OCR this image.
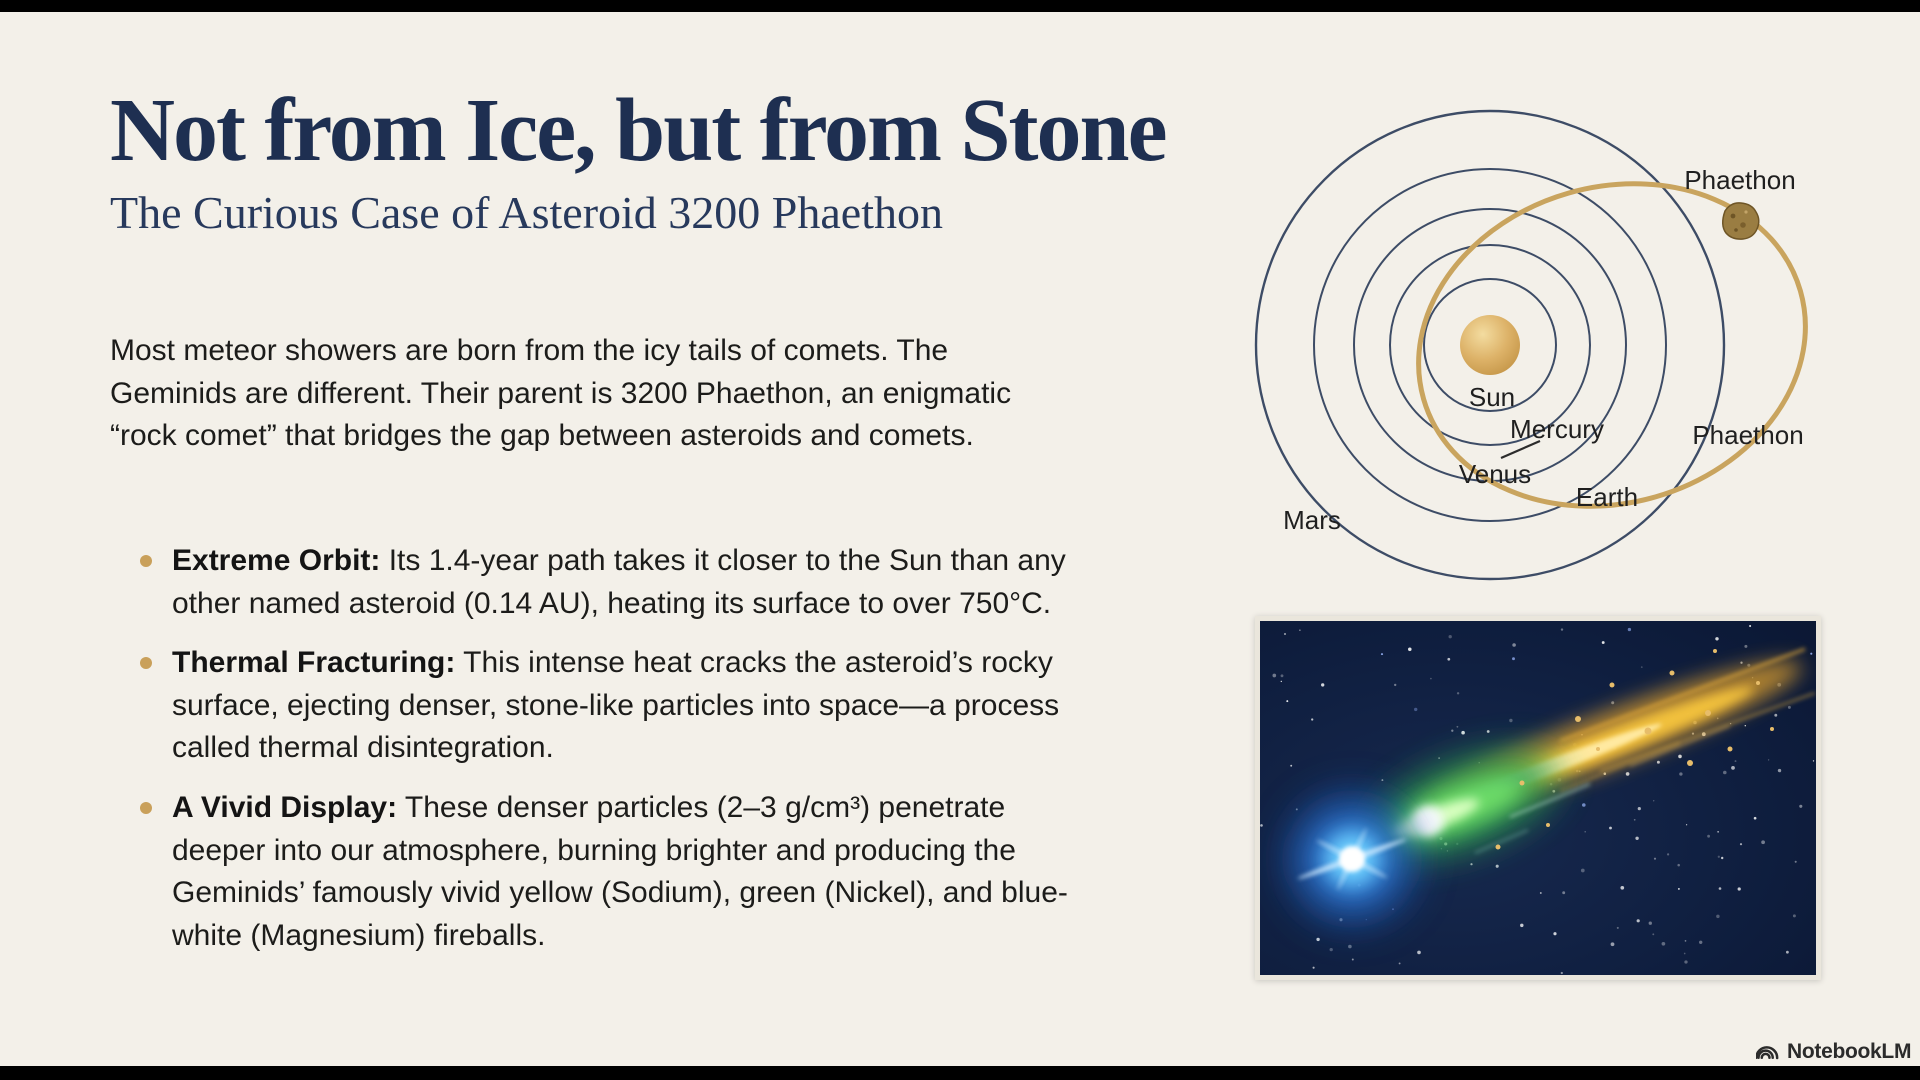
Not from Ice, but from Stone
The Curious Case of Asteroid 3200 Phaethon
Most meteor showers are born from the icy tails of comets. The Geminids are different. Their parent is 3200 Phaethon, an enigmatic “rock comet” that bridges the gap between asteroids and comets.
Extreme Orbit: Its 1.4-year path takes it closer to the Sun than any other named asteroid (0.14 AU), heating its surface to over 750°C.
Thermal Fracturing: This intense heat cracks the asteroid’s rocky surface, ejecting denser, stone-like particles into space—a process called thermal disintegration.
A Vivid Display: These denser particles (2–3 g/cm³) penetrate deeper into our atmosphere, burning brighter and producing the Geminids’ famously vivid yellow (Sodium), green (Nickel), and blue-white (Magnesium) fireballs.
Sun
Mercury
Venus
Earth
Mars
Phaethon
Phaethon
NotebookLM
